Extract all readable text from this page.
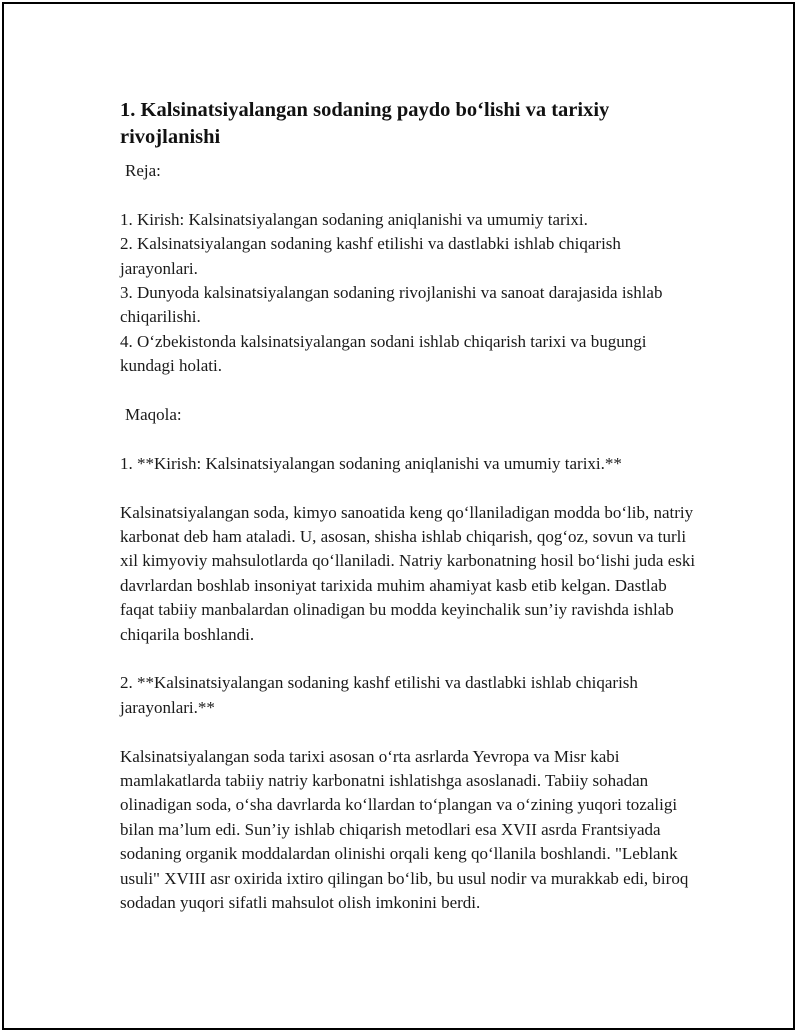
1. Kalsinatsiyalangan sodaning paydo bo‘lishi va tarixiy rivojlanishi

Reja:

1. Kirish: Kalsinatsiyalangan sodaning aniqlanishi va umumiy tarixi.

2. Kalsinatsiyalangan sodaning kashf etilishi va dastlabki ishlab chiqarish jarayonlari.

3. Dunyoda kalsinatsiyalangan sodaning rivojlanishi va sanoat darajasida ishlab chiqarilishi.

4. O‘zbekistonda kalsinatsiyalangan sodani ishlab chiqarish tarixi va bugungi kundagi holati.

Maqola:

1. **Kirish: Kalsinatsiyalangan sodaning aniqlanishi va umumiy tarixi.**

Kalsinatsiyalangan soda, kimyo sanoatida keng qo‘llaniladigan modda bo‘lib, natriy karbonat deb ham ataladi. U, asosan, shisha ishlab chiqarish, qog‘oz, sovun va turli xil kimyoviy mahsulotlarda qo‘llaniladi. Natriy karbonatning hosil bo‘lishi juda eski davrlardan boshlab insoniyat tarixida muhim ahamiyat kasb etib kelgan. Dastlab faqat tabiiy manbalardan olinadigan bu modda keyinchalik sun’iy ravishda ishlab chiqarila boshlandi.

2. **Kalsinatsiyalangan sodaning kashf etilishi va dastlabki ishlab chiqarish jarayonlari.**

Kalsinatsiyalangan soda tarixi asosan o‘rta asrlarda Yevropa va Misr kabi mamlakatlarda tabiiy natriy karbonatni ishlatishga asoslanadi. Tabiiy sohadan olinadigan soda, o‘sha davrlarda ko‘llardan to‘plangan va o‘zining yuqori tozaligi bilan ma’lum edi. Sun’iy ishlab chiqarish metodlari esa XVII asrda Frantsiyada sodaning organik moddalardan olinishi orqali keng qo‘llanila boshlandi. "Leblank usuli" XVIII asr oxirida ixtiro qilingan bo‘lib, bu usul nodir va murakkab edi, biroq sodadan yuqori sifatli mahsulot olish imkonini berdi.
